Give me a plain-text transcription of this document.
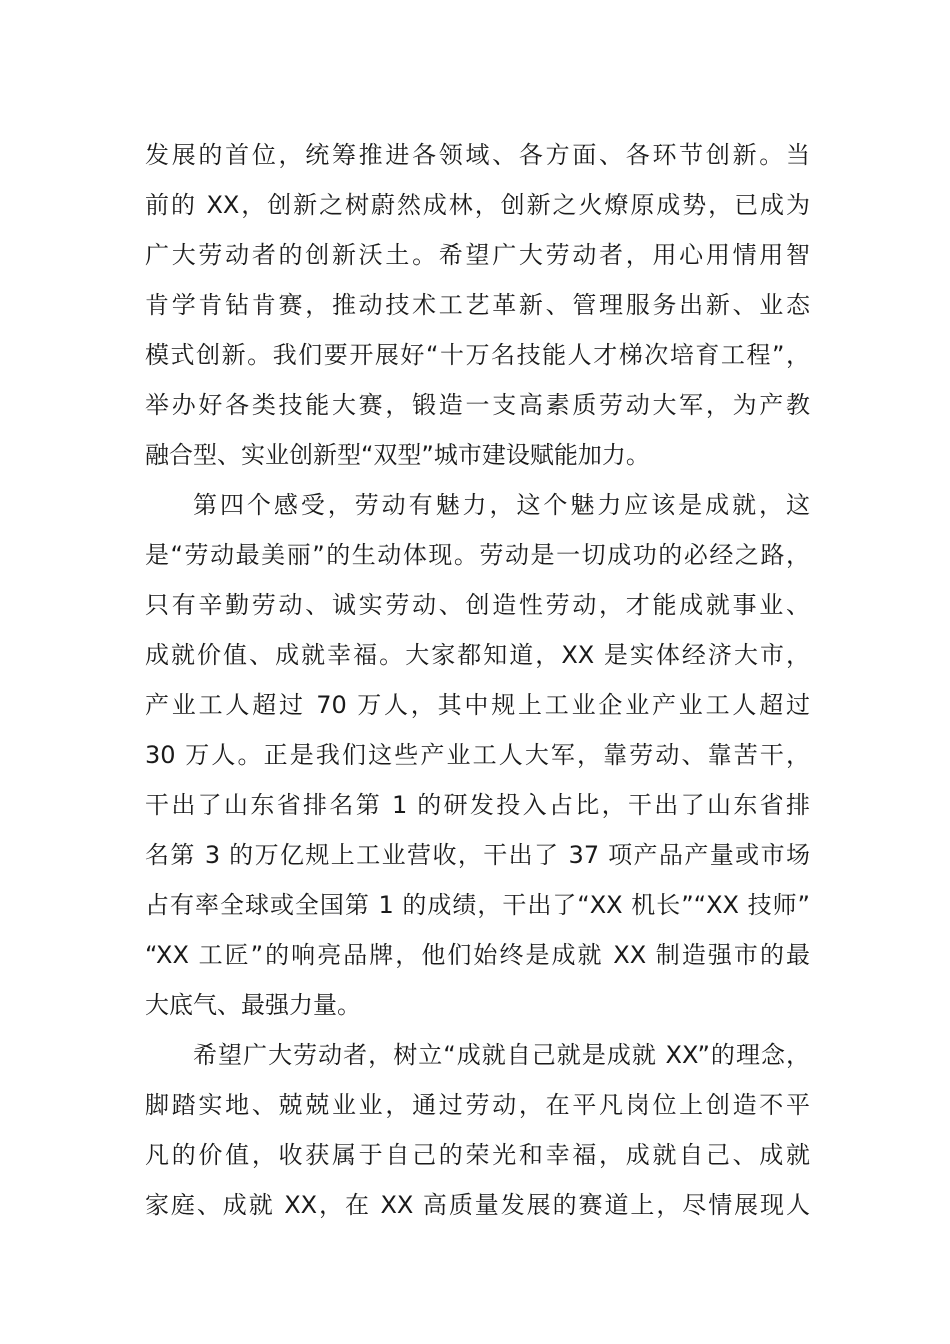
发展的首位，统筹推进各领域、各方面、各环节创新。当
前的 XX，创新之树蔚然成林，创新之火燎原成势，已成为
广大劳动者的创新沃土。希望广大劳动者，用心用情用智
肯学肯钻肯赛，推动技术工艺革新、管理服务出新、业态
模式创新。我们要开展好“十万名技能人才梯次培育工程”，
举办好各类技能大赛，锻造一支高素质劳动大军，为产教
融合型、实业创新型“双型”城市建设赋能加力。
第四个感受，劳动有魅力，这个魅力应该是成就，这
是“劳动最美丽”的生动体现。劳动是一切成功的必经之路，
只有辛勤劳动、诚实劳动、创造性劳动，才能成就事业、
成就价值、成就幸福。大家都知道，XX 是实体经济大市，
产业工人超过 70 万人，其中规上工业企业产业工人超过
30 万人。正是我们这些产业工人大军，靠劳动、靠苦干，
干出了山东省排名第 1 的研发投入占比，干出了山东省排
名第 3 的万亿规上工业营收，干出了 37 项产品产量或市场
占有率全球或全国第 1 的成绩，干出了“XX 机长”“XX 技师”
“XX 工匠”的响亮品牌，他们始终是成就 XX 制造强市的最
大底气、最强力量。
希望广大劳动者，树立“成就自己就是成就 XX”的理念，
脚踏实地、兢兢业业，通过劳动，在平凡岗位上创造不平
凡的价值，收获属于自己的荣光和幸福，成就自己、成就
家庭、成就 XX，在 XX 高质量发展的赛道上，尽情展现人
